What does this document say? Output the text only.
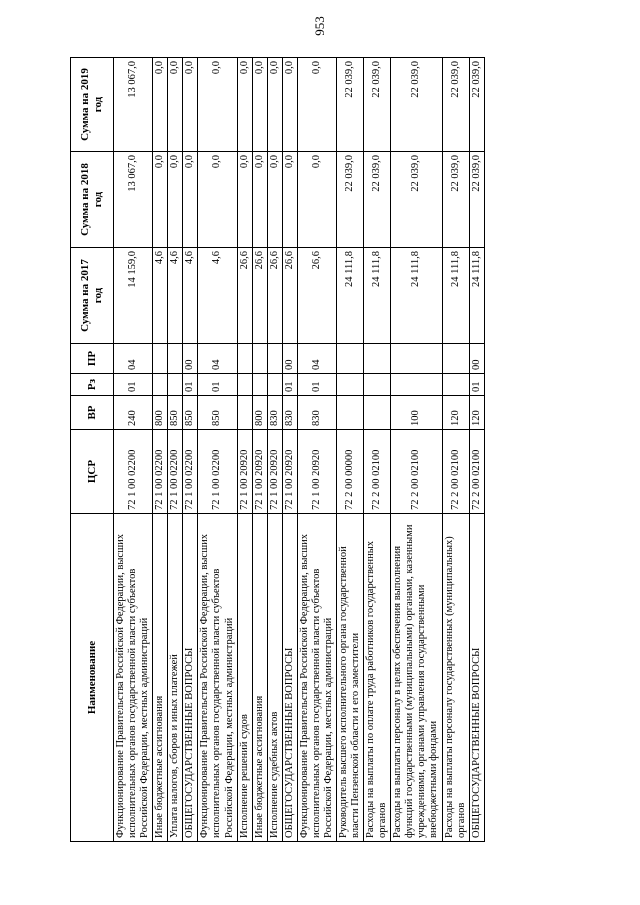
953
Наименование	ЦСР	ВР	Рз	ПР	Сумма на 2017 год	Сумма на 2018 год	Сумма на 2019 год
Функционирование Правительства Российской Федерации, высших исполнительных органов государственной власти субъектов Российской Федерации, местных администраций	72 1 00 02200	240	01	04	14 159,0	13 067,0	13 067,0
Иные бюджетные ассигнования	72 1 00 02200	800			4,6	0,0	0,0
Уплата налогов, сборов и иных платежей	72 1 00 02200	850			4,6	0,0	0,0
ОБЩЕГОСУДАРСТВЕННЫЕ ВОПРОСЫ	72 1 00 02200	850	01	00	4,6	0,0	0,0
Функционирование Правительства Российской Федерации, высших исполнительных органов государственной власти субъектов Российской Федерации, местных администраций	72 1 00 02200	850	01	04	4,6	0,0	0,0
Исполнение решений судов	72 1 00 20920				26,6	0,0	0,0
Иные бюджетные ассигнования	72 1 00 20920	800			26,6	0,0	0,0
Исполнение судебных актов	72 1 00 20920	830			26,6	0,0	0,0
ОБЩЕГОСУДАРСТВЕННЫЕ ВОПРОСЫ	72 1 00 20920	830	01	00	26,6	0,0	0,0
Функционирование Правительства Российской Федерации, высших исполнительных органов государственной власти субъектов Российской Федерации, местных администраций	72 1 00 20920	830	01	04	26,6	0,0	0,0
Руководитель высшего исполнительного органа государственной власти Пензенской области и его заместители	72 2 00 00000				24 111,8	22 039,0	22 039,0
Расходы на выплаты по оплате труда работников государственных органов	72 2 00 02100				24 111,8	22 039,0	22 039,0
Расходы на выплаты персоналу в целях обеспечения выполнения функций государственными (муниципальными) органами, казенными учреждениями, органами управления государственными внебюджетными фондами	72 2 00 02100	100			24 111,8	22 039,0	22 039,0
Расходы на выплаты персоналу государственных (муниципальных) органов	72 2 00 02100	120			24 111,8	22 039,0	22 039,0
ОБЩЕГОСУДАРСТВЕННЫЕ ВОПРОСЫ	72 2 00 02100	120	01	00	24 111,8	22 039,0	22 039,0
